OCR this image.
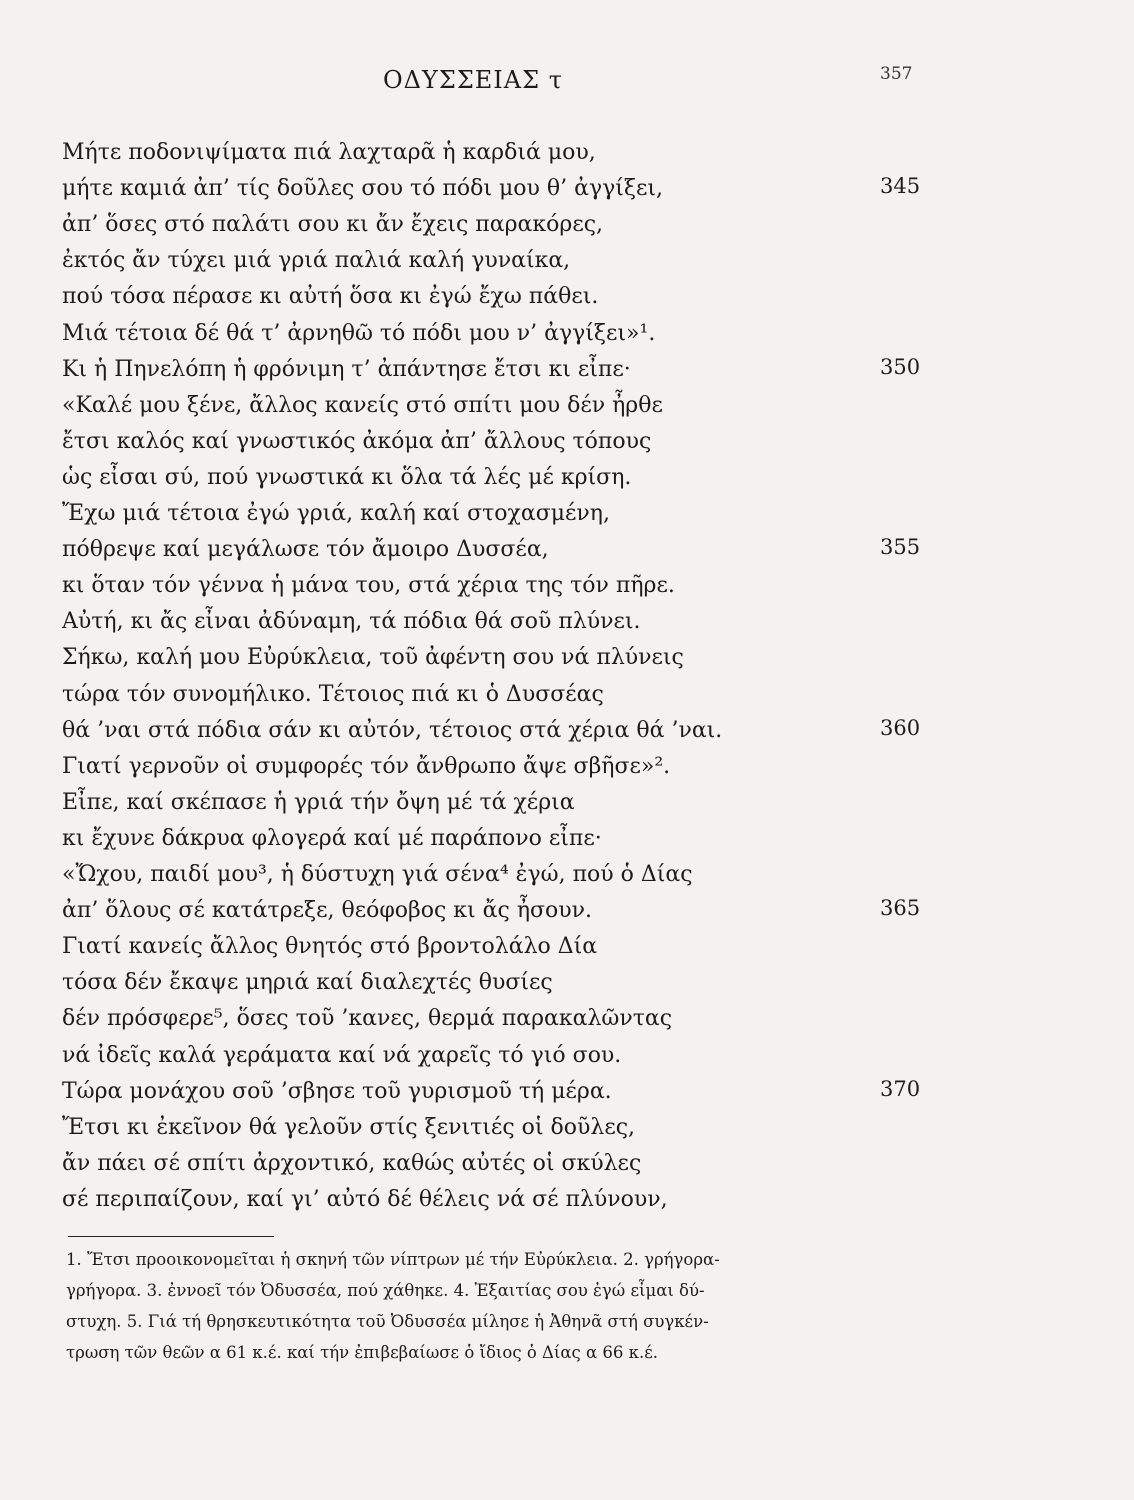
ΟΔΥΣΣΕΙΑΣ τ	357
Μήτε ποδονιψίματα πιά λαχταρᾶ ἡ καρδιά μου,
μήτε καμιά ἀπ’ τίς δοῦλες σου τό πόδι μου θ’ ἀγγίξει,	345
ἀπ’ ὅσες στό παλάτι σου κι ἄν ἔχεις παρακόρες,
ἐκτός ἄν τύχει μιά γριά παλιά καλή γυναίκα,
πού τόσα πέρασε κι αὐτή ὅσα κι ἐγώ ἔχω πάθει.
Μιά τέτοια δέ θά τ’ ἀρνηθῶ τό πόδι μου ν’ ἀγγίξει»¹.
Κι ἡ Πηνελόπη ἡ φρόνιμη τ’ ἀπάντησε ἔτσι κι εἶπε·	350
«Καλέ μου ξένε, ἄλλος κανείς στό σπίτι μου δέν ἦρθε
ἔτσι καλός καί γνωστικός ἀκόμα ἀπ’ ἄλλους τόπους
ὡς εἶσαι σύ, πού γνωστικά κι ὅλα τά λές μέ κρίση.
Ἔχω μιά τέτοια ἐγώ γριά, καλή καί στοχασμένη,
πόθρεψε καί μεγάλωσε τόν ἄμοιρο Δυσσέα,	355
κι ὅταν τόν γέννα ἡ μάνα του, στά χέρια της τόν πῆρε.
Αὐτή, κι ἄς εἶναι ἀδύναμη, τά πόδια θά σοῦ πλύνει.
Σήκω, καλή μου Εὐρύκλεια, τοῦ ἀφέντη σου νά πλύνεις
τώρα τόν συνομήλικο. Τέτοιος πιά κι ὁ Δυσσέας
θά ’ναι στά πόδια σάν κι αὐτόν, τέτοιος στά χέρια θά ’ναι.	360
Γιατί γερνοῦν οἱ συμφορές τόν ἄνθρωπο ἄψε σβῆσε»².
Εἶπε, καί σκέπασε ἡ γριά τήν ὄψη μέ τά χέρια
κι ἔχυνε δάκρυα φλογερά καί μέ παράπονο εἶπε·
«Ὤχου, παιδί μου³, ἡ δύστυχη γιά σένα⁴ ἐγώ, πού ὁ Δίας
ἀπ’ ὅλους σέ κατάτρεξε, θεόφοβος κι ἄς ἦσουν.	365
Γιατί κανείς ἄλλος θνητός στό βροντολάλο Δία
τόσα δέν ἔκαψε μηριά καί διαλεχτές θυσίες
δέν πρόσφερε⁵, ὅσες τοῦ ’κανες, θερμά παρακαλῶντας
νά ἰδεῖς καλά γεράματα καί νά χαρεῖς τό γιό σου.
Τώρα μονάχου σοῦ ’σβησε τοῦ γυρισμοῦ τή μέρα.	370
Ἔτσι κι ἐκεῖνον θά γελοῦν στίς ξενιτιές οἱ δοῦλες,
ἄν πάει σέ σπίτι ἀρχοντικό, καθώς αὐτές οἱ σκύλες
σέ περιπαίζουν, καί γι’ αὐτό δέ θέλεις νά σέ πλύνουν,
1. Ἔτσι προοικονομεῖται ἡ σκηνή τῶν νίπτρων μέ τήν Εὐρύκλεια. 2. γρήγορα-
γρήγορα. 3. ἐννοεῖ τόν Ὀδυσσέα, πού χάθηκε. 4. Ἐξαιτίας σου ἐγώ εἶμαι δύ-
στυχη. 5. Γιά τή θρησκευτικότητα τοῦ Ὀδυσσέα μίλησε ἡ Ἀθηνᾶ στή συγκέν-
τρωση τῶν θεῶν α 61 κ.έ. καί τήν ἐπιβεβαίωσε ὁ ἴδιος ὁ Δίας α 66 κ.έ.
